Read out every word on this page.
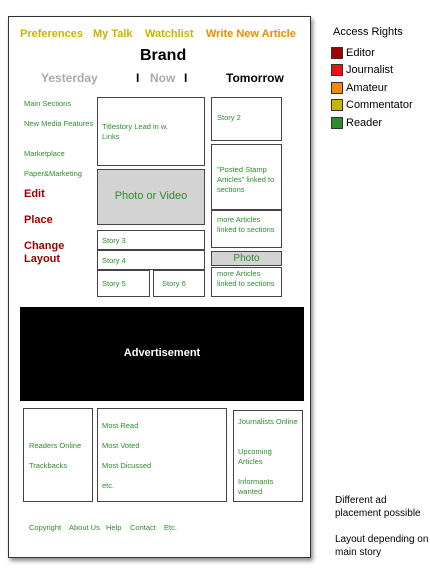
Preferences My Talk Watchlist Write New Article
Brand
Yesterday	I Now I	Tomorrow
Main Sections
New Media Features
Marketplace
Paper&Marketing
Edit
Place
Change Layout
Titlestory Lead in w. Links
Photo or Video
Story 3
Story 4
Story 5	Story 6
Story 2
"Posted Stamp Articles" linked to sections
more Articles linked to sections
Photo
more Articles linked to sections
Advertisement
Readers Online
Trackbacks
Most Read
Most Voted
Most Dicussed
etc.
Journalists Online
Upcoming Articles
Informants wanted
Copyright About Us Help Contact Etc.
Access Rights
Editor
Journalist
Amateur
Commentator
Reader
Different ad placement possible
Layout depending on main story
